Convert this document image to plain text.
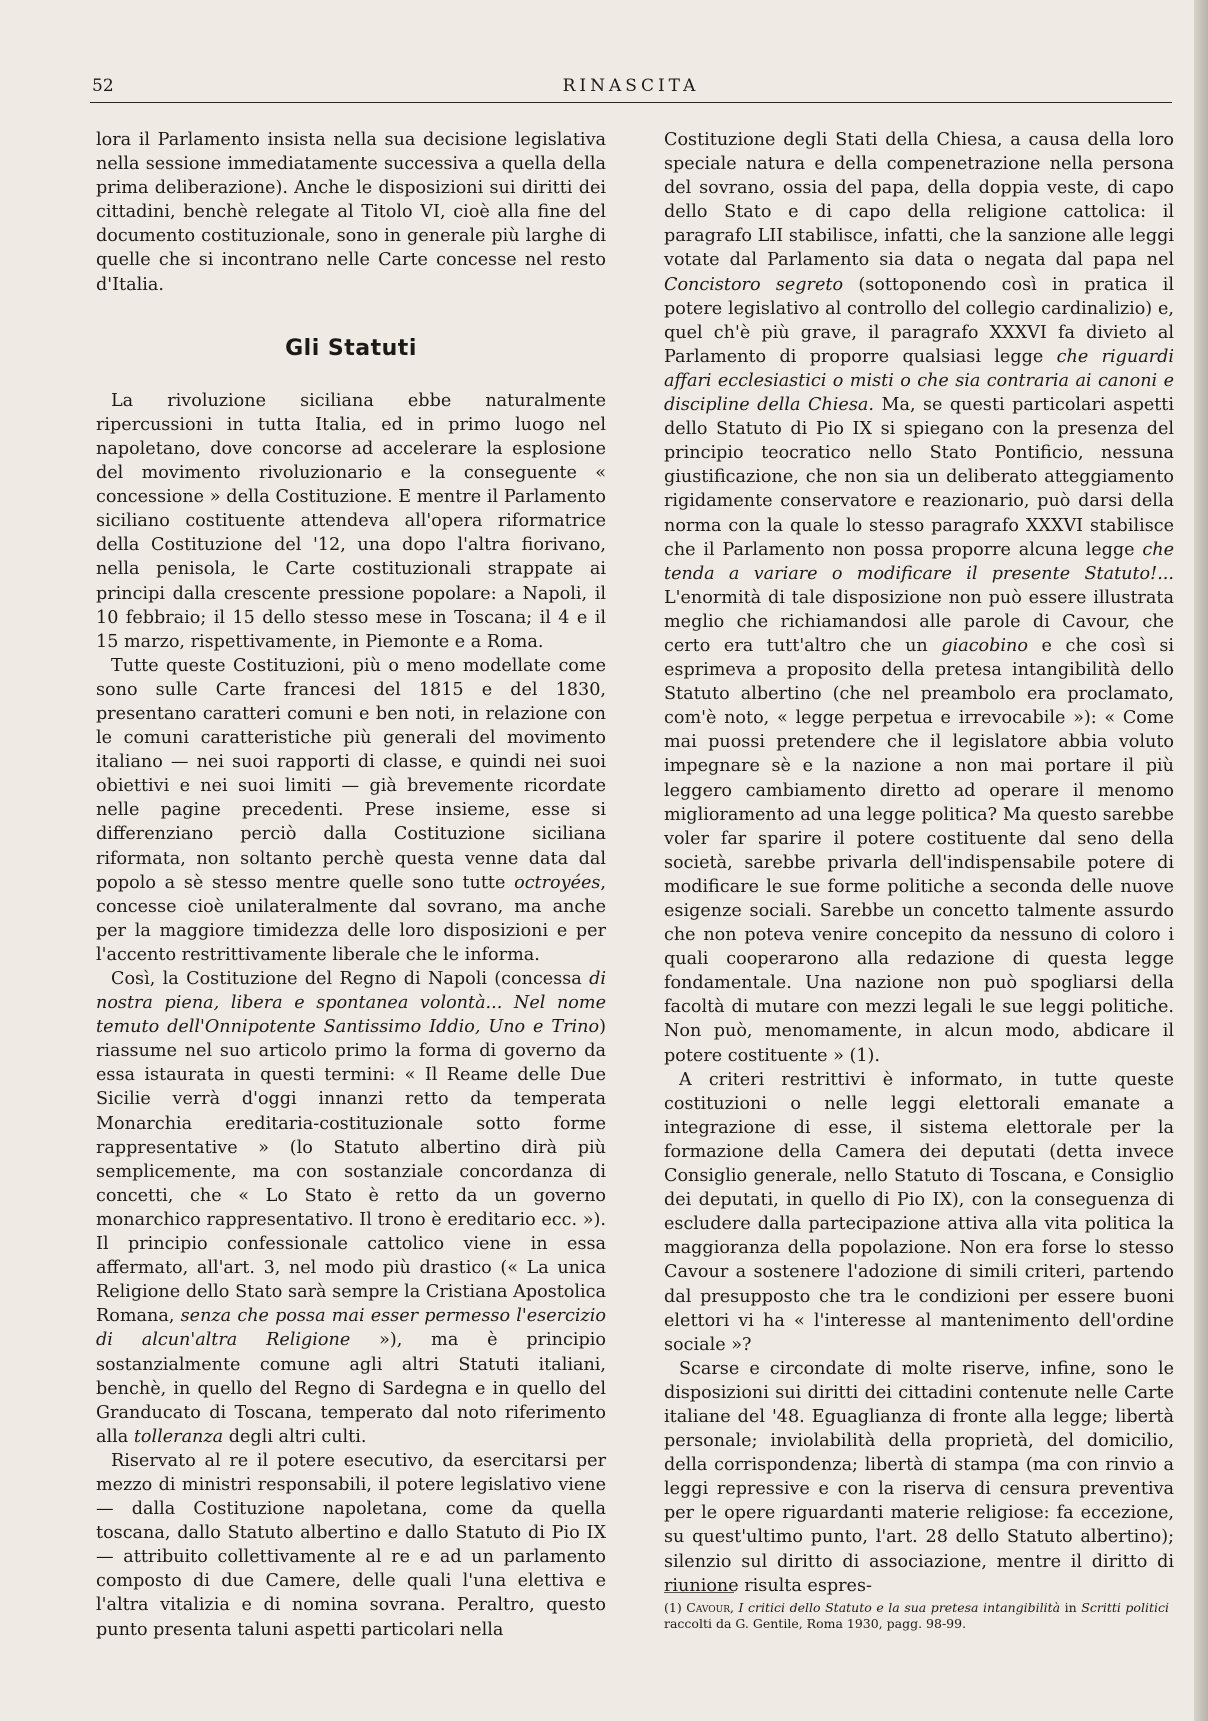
52	RINASCITA

lora il Parlamento insista nella sua decisione legislativa nella sessione immediatamente successiva a quella della prima deliberazione). Anche le disposizioni sui diritti dei cittadini, benchè relegate al Titolo VI, cioè alla fine del documento costituzionale, sono in generale più larghe di quelle che si incontrano nelle Carte concesse nel resto d'Italia.

Gli Statuti

La rivoluzione siciliana ebbe naturalmente ripercussioni in tutta Italia, ed in primo luogo nel napoletano, dove concorse ad accelerare la esplosione del movimento rivoluzionario e la conseguente « concessione » della Costituzione. E mentre il Parlamento siciliano costituente attendeva all'opera riformatrice della Costituzione del '12, una dopo l'altra fiorivano, nella penisola, le Carte costituzionali strappate ai principi dalla crescente pressione popolare: a Napoli, il 10 febbraio; il 15 dello stesso mese in Toscana; il 4 e il 15 marzo, rispettivamente, in Piemonte e a Roma.

Tutte queste Costituzioni, più o meno modellate come sono sulle Carte francesi del 1815 e del 1830, presentano caratteri comuni e ben noti, in relazione con le comuni caratteristiche più generali del movimento italiano — nei suoi rapporti di classe, e quindi nei suoi obiettivi e nei suoi limiti — già brevemente ricordate nelle pagine precedenti. Prese insieme, esse si differenziano perciò dalla Costituzione siciliana riformata, non soltanto perchè questa venne data dal popolo a sè stesso mentre quelle sono tutte octroyées, concesse cioè unilateralmente dal sovrano, ma anche per la maggiore timidezza delle loro disposizioni e per l'accento restrittivamente liberale che le informa.

Così, la Costituzione del Regno di Napoli (concessa di nostra piena, libera e spontanea volontà... Nel nome temuto dell'Onnipotente Santissimo Iddio, Uno e Trino) riassume nel suo articolo primo la forma di governo da essa istaurata in questi termini: « Il Reame delle Due Sicilie verrà d'oggi innanzi retto da temperata Monarchia ereditaria-costituzionale sotto forme rappresentative » (lo Statuto albertino dirà più semplicemente, ma con sostanziale concordanza di concetti, che « Lo Stato è retto da un governo monarchico rappresentativo. Il trono è ereditario ecc. »). Il principio confessionale cattolico viene in essa affermato, all'art. 3, nel modo più drastico (« La unica Religione dello Stato sarà sempre la Cristiana Apostolica Romana, senza che possa mai esser permesso l'esercizio di alcun'altra Religione »), ma è principio sostanzialmente comune agli altri Statuti italiani, benchè, in quello del Regno di Sardegna e in quello del Granducato di Toscana, temperato dal noto riferimento alla tolleranza degli altri culti.

Riservato al re il potere esecutivo, da esercitarsi per mezzo di ministri responsabili, il potere legislativo viene — dalla Costituzione napoletana, come da quella toscana, dallo Statuto albertino e dallo Statuto di Pio IX — attribuito collettivamente al re e ad un parlamento composto di due Camere, delle quali l'una elettiva e l'altra vitalizia e di nomina sovrana. Peraltro, questo punto presenta taluni aspetti particolari nella

Costituzione degli Stati della Chiesa, a causa della loro speciale natura e della compenetrazione nella persona del sovrano, ossia del papa, della doppia veste, di capo dello Stato e di capo della religione cattolica: il paragrafo LII stabilisce, infatti, che la sanzione alle leggi votate dal Parlamento sia data o negata dal papa nel Concistoro segreto (sottoponendo così in pratica il potere legislativo al controllo del collegio cardinalizio) e, quel ch'è più grave, il paragrafo XXXVI fa divieto al Parlamento di proporre qualsiasi legge che riguardi affari ecclesiastici o misti o che sia contraria ai canoni e discipline della Chiesa. Ma, se questi particolari aspetti dello Statuto di Pio IX si spiegano con la presenza del principio teocratico nello Stato Pontificio, nessuna giustificazione, che non sia un deliberato atteggiamento rigidamente conservatore e reazionario, può darsi della norma con la quale lo stesso paragrafo XXXVI stabilisce che il Parlamento non possa proporre alcuna legge che tenda a variare o modificare il presente Statuto!... L'enormità di tale disposizione non può essere illustrata meglio che richiamandosi alle parole di Cavour, che certo era tutt'altro che un giacobino e che così si esprimeva a proposito della pretesa intangibilità dello Statuto albertino (che nel preambolo era proclamato, com'è noto, « legge perpetua e irrevocabile »): « Come mai puossi pretendere che il legislatore abbia voluto impegnare sè e la nazione a non mai portare il più leggero cambiamento diretto ad operare il menomo miglioramento ad una legge politica? Ma questo sarebbe voler far sparire il potere costituente dal seno della società, sarebbe privarla dell'indispensabile potere di modificare le sue forme politiche a seconda delle nuove esigenze sociali. Sarebbe un concetto talmente assurdo che non poteva venire concepito da nessuno di coloro i quali cooperarono alla redazione di questa legge fondamentale. Una nazione non può spogliarsi della facoltà di mutare con mezzi legali le sue leggi politiche. Non può, menomamente, in alcun modo, abdicare il potere costituente » (1).

A criteri restrittivi è informato, in tutte queste costituzioni o nelle leggi elettorali emanate a integrazione di esse, il sistema elettorale per la formazione della Camera dei deputati (detta invece Consiglio generale, nello Statuto di Toscana, e Consiglio dei deputati, in quello di Pio IX), con la conseguenza di escludere dalla partecipazione attiva alla vita politica la maggioranza della popolazione. Non era forse lo stesso Cavour a sostenere l'adozione di simili criteri, partendo dal presupposto che tra le condizioni per essere buoni elettori vi ha « l'interesse al mantenimento dell'ordine sociale »?

Scarse e circondate di molte riserve, infine, sono le disposizioni sui diritti dei cittadini contenute nelle Carte italiane del '48. Eguaglianza di fronte alla legge; libertà personale; inviolabilità della proprietà, del domicilio, della corrispondenza; libertà di stampa (ma con rinvio a leggi repressive e con la riserva di censura preventiva per le opere riguardanti materie religiose: fa eccezione, su quest'ultimo punto, l'art. 28 dello Statuto albertino); silenzio sul diritto di associazione, mentre il diritto di riunione risulta espres-

(1) Cavour, I critici dello Statuto e la sua pretesa intangibilità in Scritti politici raccolti da G. Gentile, Roma 1930, pagg. 98-99.
